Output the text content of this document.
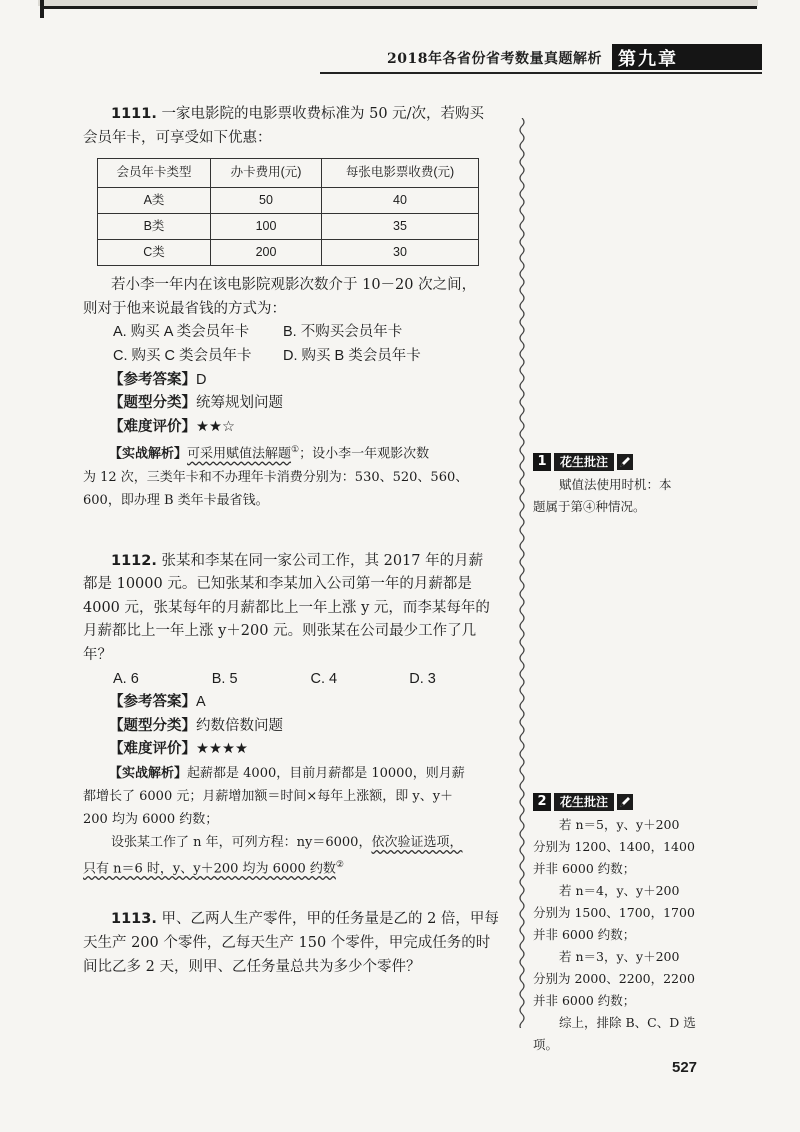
2018年各省份省考数量真题解析 第九章

1111. 一家电影院的电影票收费标准为 50 元/次，若购买

会员年卡，可享受如下优惠：

会员年卡类型	办卡费用(元)	每张电影票收费(元)
A类	50	40
B类	100	35
C类	200	30

若小李一年内在该电影院观影次数介于 10－20 次之间，

则对于他来说最省钱的方式为：

A. 购买 A 类会员年卡	B. 不购买会员年卡
C. 购买 C 类会员年卡	D. 购买 B 类会员年卡

【参考答案】D

【题型分类】统筹规划问题

【难度评价】★★☆

【实战解析】可采用赋值法解题①；设小李一年观影次数

为 12 次，三类年卡和不办理年卡消费分别为：530、520、560、

600，即办理 B 类年卡最省钱。

1112. 张某和李某在同一家公司工作，其 2017 年的月薪

都是 10000 元。已知张某和李某加入公司第一年的月薪都是

4000 元，张某每年的月薪都比上一年上涨 y 元，而李某每年的

月薪都比上一年上涨 y＋200 元。则张某在公司最少工作了几

年？

A. 6	B. 5	C. 4	D. 3

【参考答案】A

【题型分类】约数倍数问题

【难度评价】★★★★

【实战解析】起薪都是 4000，目前月薪都是 10000，则月薪

都增长了 6000 元；月薪增加额＝时间×每年上涨额，即 y、y＋

200 均为 6000 约数；

设张某工作了 n 年，可列方程：ny＝6000，依次验证选项，

只有 n＝6 时，y、y＋200 均为 6000 约数②

1113. 甲、乙两人生产零件，甲的任务量是乙的 2 倍，甲每

天生产 200 个零件，乙每天生产 150 个零件，甲完成任务的时

间比乙多 2 天，则甲、乙任务量总共为多少个零件？

1	花生批注

赋值法使用时机：本

题属于第④种情况。

2	花生批注

若 n＝5，y、y＋200

分别为 1200、1400，1400

并非 6000 约数；

若 n＝4，y、y＋200

分别为 1500、1700，1700

并非 6000 约数；

若 n＝3，y、y＋200

分别为 2000、2200，2200

并非 6000 约数；

综上，排除 B、C、D 选

项。

527
